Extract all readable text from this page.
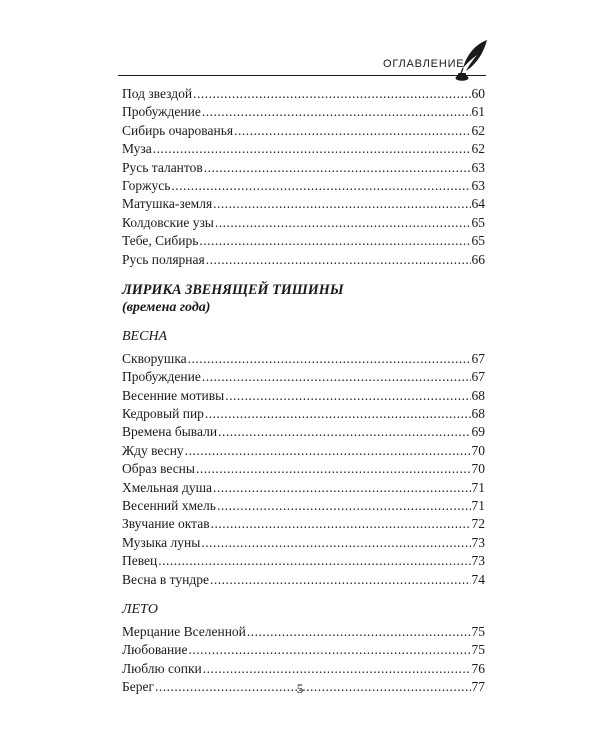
ОГЛАВЛЕНИЕ
Под звездой .....	60
Пробуждение .....	61
Сибирь очарованья .....	62
Муза .....	62
Русь талантов .....	63
Горжусь .....	63
Матушка-земля .....	64
Колдовские узы .....	65
Тебе, Сибирь .....	65
Русь полярная .....	66
ЛИРИКА ЗВЕНЯЩЕЙ ТИШИНЫ
(времена года)
ВЕСНА
Скворушка .....	67
Пробуждение .....	67
Весенние мотивы .....	68
Кедровый пир .....	68
Времена бывали .....	69
Жду весну .....	70
Образ весны .....	70
Хмельная душа .....	71
Весенний хмель .....	71
Звучание октав .....	72
Музыка луны .....	73
Певец .....	73
Весна в тундре .....	74
ЛЕТО
Мерцание Вселенной .....	75
Любование .....	75
Люблю сопки .....	76
Берег .....	77
5
